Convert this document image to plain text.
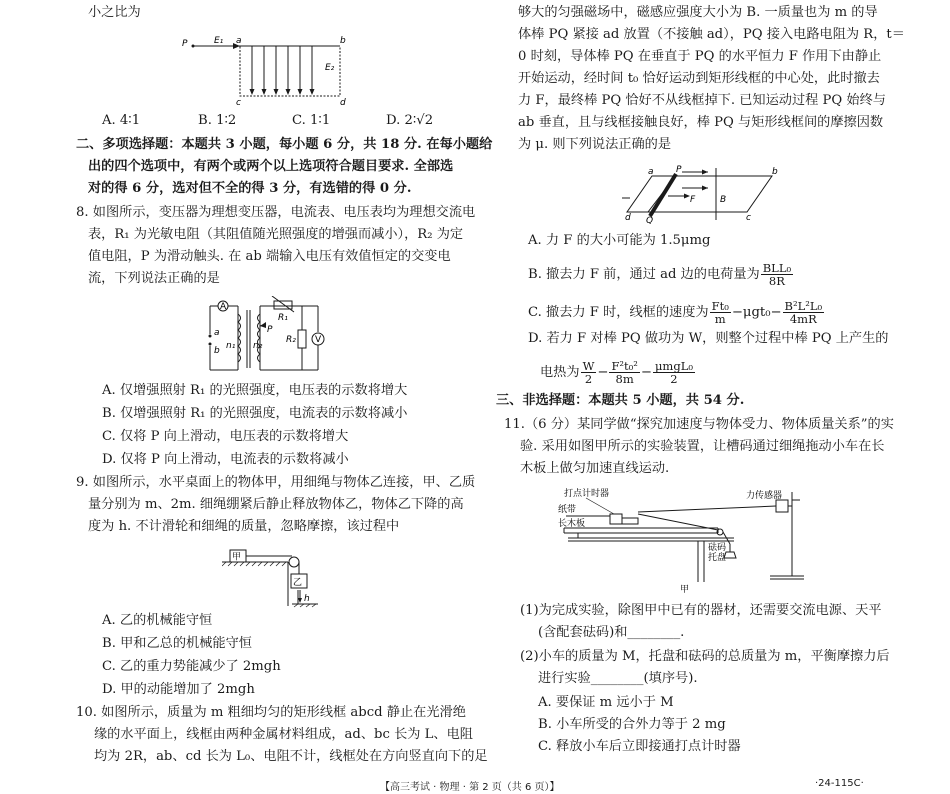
小之比为
P	E₁
E₂
a	b
c	d
A. 4∶1	B. 1∶2	C. 1∶1	D. 2∶√2
二、多项选择题：本题共 3 小题，每小题 6 分，共 18 分. 在每小题给
出的四个选项中，有两个或两个以上选项符合题目要求. 全部选
对的得 6 分，选对但不全的得 3 分，有选错的得 0 分.
8. 如图所示，变压器为理想变压器，电流表、电压表均为理想交流电
表，R₁ 为光敏电阻（其阻值随光照强度的增强而减小），R₂ 为定
值电阻，P 为滑动触头. 在 ab 端输入电压有效值恒定的交变电
流，下列说法正确的是
A
V
a
b n₁ n₂
P
R₁
R₂
A. 仅增强照射 R₁ 的光照强度，电压表的示数将增大
B. 仅增强照射 R₁ 的光照强度，电流表的示数将减小
C. 仅将 P 向上滑动，电压表的示数将增大
D. 仅将 P 向上滑动，电流表的示数将减小
9. 如图所示，水平桌面上的物体甲，用细绳与物体乙连接，甲、乙质
量分别为 m、2m. 细绳绷紧后静止释放物体乙，物体乙下降的高
度为 h. 不计滑轮和细绳的质量，忽略摩擦，该过程中
甲
乙
h
A. 乙的机械能守恒
B. 甲和乙总的机械能守恒
C. 乙的重力势能减少了 2mgh
D. 甲的动能增加了 2mgh
10. 如图所示，质量为 m 粗细均匀的矩形线框 abcd 静止在光滑绝
缘的水平面上，线框由两种金属材料组成，ad、bc 长为 L、电阻
均为 2R，ab、cd 长为 L₀、电阻不计，线框处在方向竖直向下的足
够大的匀强磁场中，磁感应强度大小为 B. 一质量也为 m 的导
体棒 PQ 紧接 ad 放置（不接触 ad），PQ 接入电路电阻为 R，t＝
0 时刻，导体棒 PQ 在垂直于 PQ 的水平恒力 F 作用下由静止
开始运动，经时间 t₀ 恰好运动到矩形线框的中心处，此时撤去
力 F，最终棒 PQ 恰好不从线框掉下. 已知运动过程 PQ 始终与
ab 垂直，且与线框接触良好，棒 PQ 与矩形线框间的摩擦因数
为 μ. 则下列说法正确的是
a	b
d	c
P
Q
F	B
A. 力 F 的大小可能为 1.5μmg
B. 撤去力 F 前，通过 ad 边的电荷量为 $\frac{\text{BLL₀}}{8R}$
C. 撤去力 F 时，线框的速度为 $\frac{\text{Ft₀}}{m} -\mu gt_0- \frac{\text{B²L²L₀}}{4mR}$
D. 若力 F 对棒 PQ 做功为 W，则整个过程中棒 PQ 上产生的
电热为 $\frac{W}{2} - \frac{\text{F²t₀²}}{8m} - \frac{\text{μmgL₀}}{2}$
三、非选择题：本题共 5 小题，共 54 分.
11.（6 分）某同学做“探究加速度与物体受力、物体质量关系”的实
验. 采用如图甲所示的实验装置，让槽码通过细绳拖动小车在长
木板上做匀加速直线运动.
打点计时器
纸带
长木板
力传感器
砝码
托盘
甲
(1)为完成实验，除图甲中已有的器材，还需要交流电源、天平
(含配套砝码)和________.
(2)小车的质量为 M，托盘和砝码的总质量为 m，平衡摩擦力后
进行实验________(填序号).
A. 要保证 m 远小于 M
B. 小车所受的合外力等于 2 mg
C. 释放小车后立即接通打点计时器
【高三考试 · 物理 · 第 2 页（共 6 页）】	·24-115C·
